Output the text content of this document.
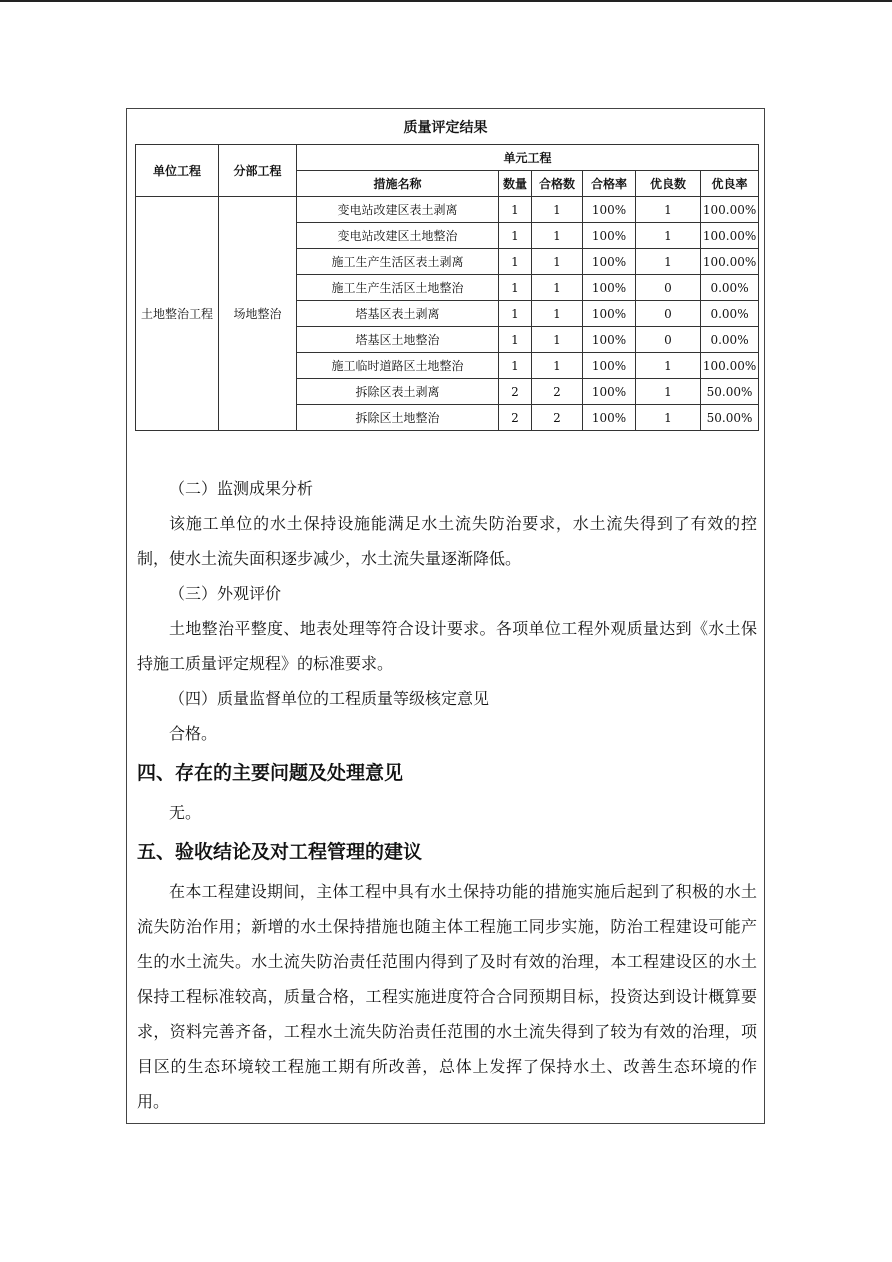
质量评定结果
单位工程	分部工程	单元工程					
		措施名称	数量	合格数	合格率	优良数	优良率
土地整治工程	场地整治	变电站改建区表土剥离	1	1	100%	1	100.00%
		变电站改建区土地整治	1	1	100%	1	100.00%
		施工生产生活区表土剥离	1	1	100%	1	100.00%
		施工生产生活区土地整治	1	1	100%	0	0.00%
		塔基区表土剥离	1	1	100%	0	0.00%
		塔基区土地整治	1	1	100%	0	0.00%
		施工临时道路区土地整治	1	1	100%	1	100.00%
		拆除区表土剥离	2	2	100%	1	50.00%
		拆除区土地整治	2	2	100%	1	50.00%

（二）监测成果分析

该施工单位的水土保持设施能满足水土流失防治要求，水土流失得到了有效的控制，使水土流失面积逐步减少，水土流失量逐渐降低。

（三）外观评价

土地整治平整度、地表处理等符合设计要求。各项单位工程外观质量达到《水土保持施工质量评定规程》的标准要求。

（四）质量监督单位的工程质量等级核定意见

合格。

四、存在的主要问题及处理意见

无。

五、验收结论及对工程管理的建议

在本工程建设期间，主体工程中具有水土保持功能的措施实施后起到了积极的水土流失防治作用；新增的水土保持措施也随主体工程施工同步实施，防治工程建设可能产生的水土流失。水土流失防治责任范围内得到了及时有效的治理，本工程建设区的水土保持工程标准较高，质量合格，工程实施进度符合合同预期目标，投资达到设计概算要求，资料完善齐备，工程水土流失防治责任范围的水土流失得到了较为有效的治理，项目区的生态环境较工程施工期有所改善，总体上发挥了保持水土、改善生态环境的作用。
